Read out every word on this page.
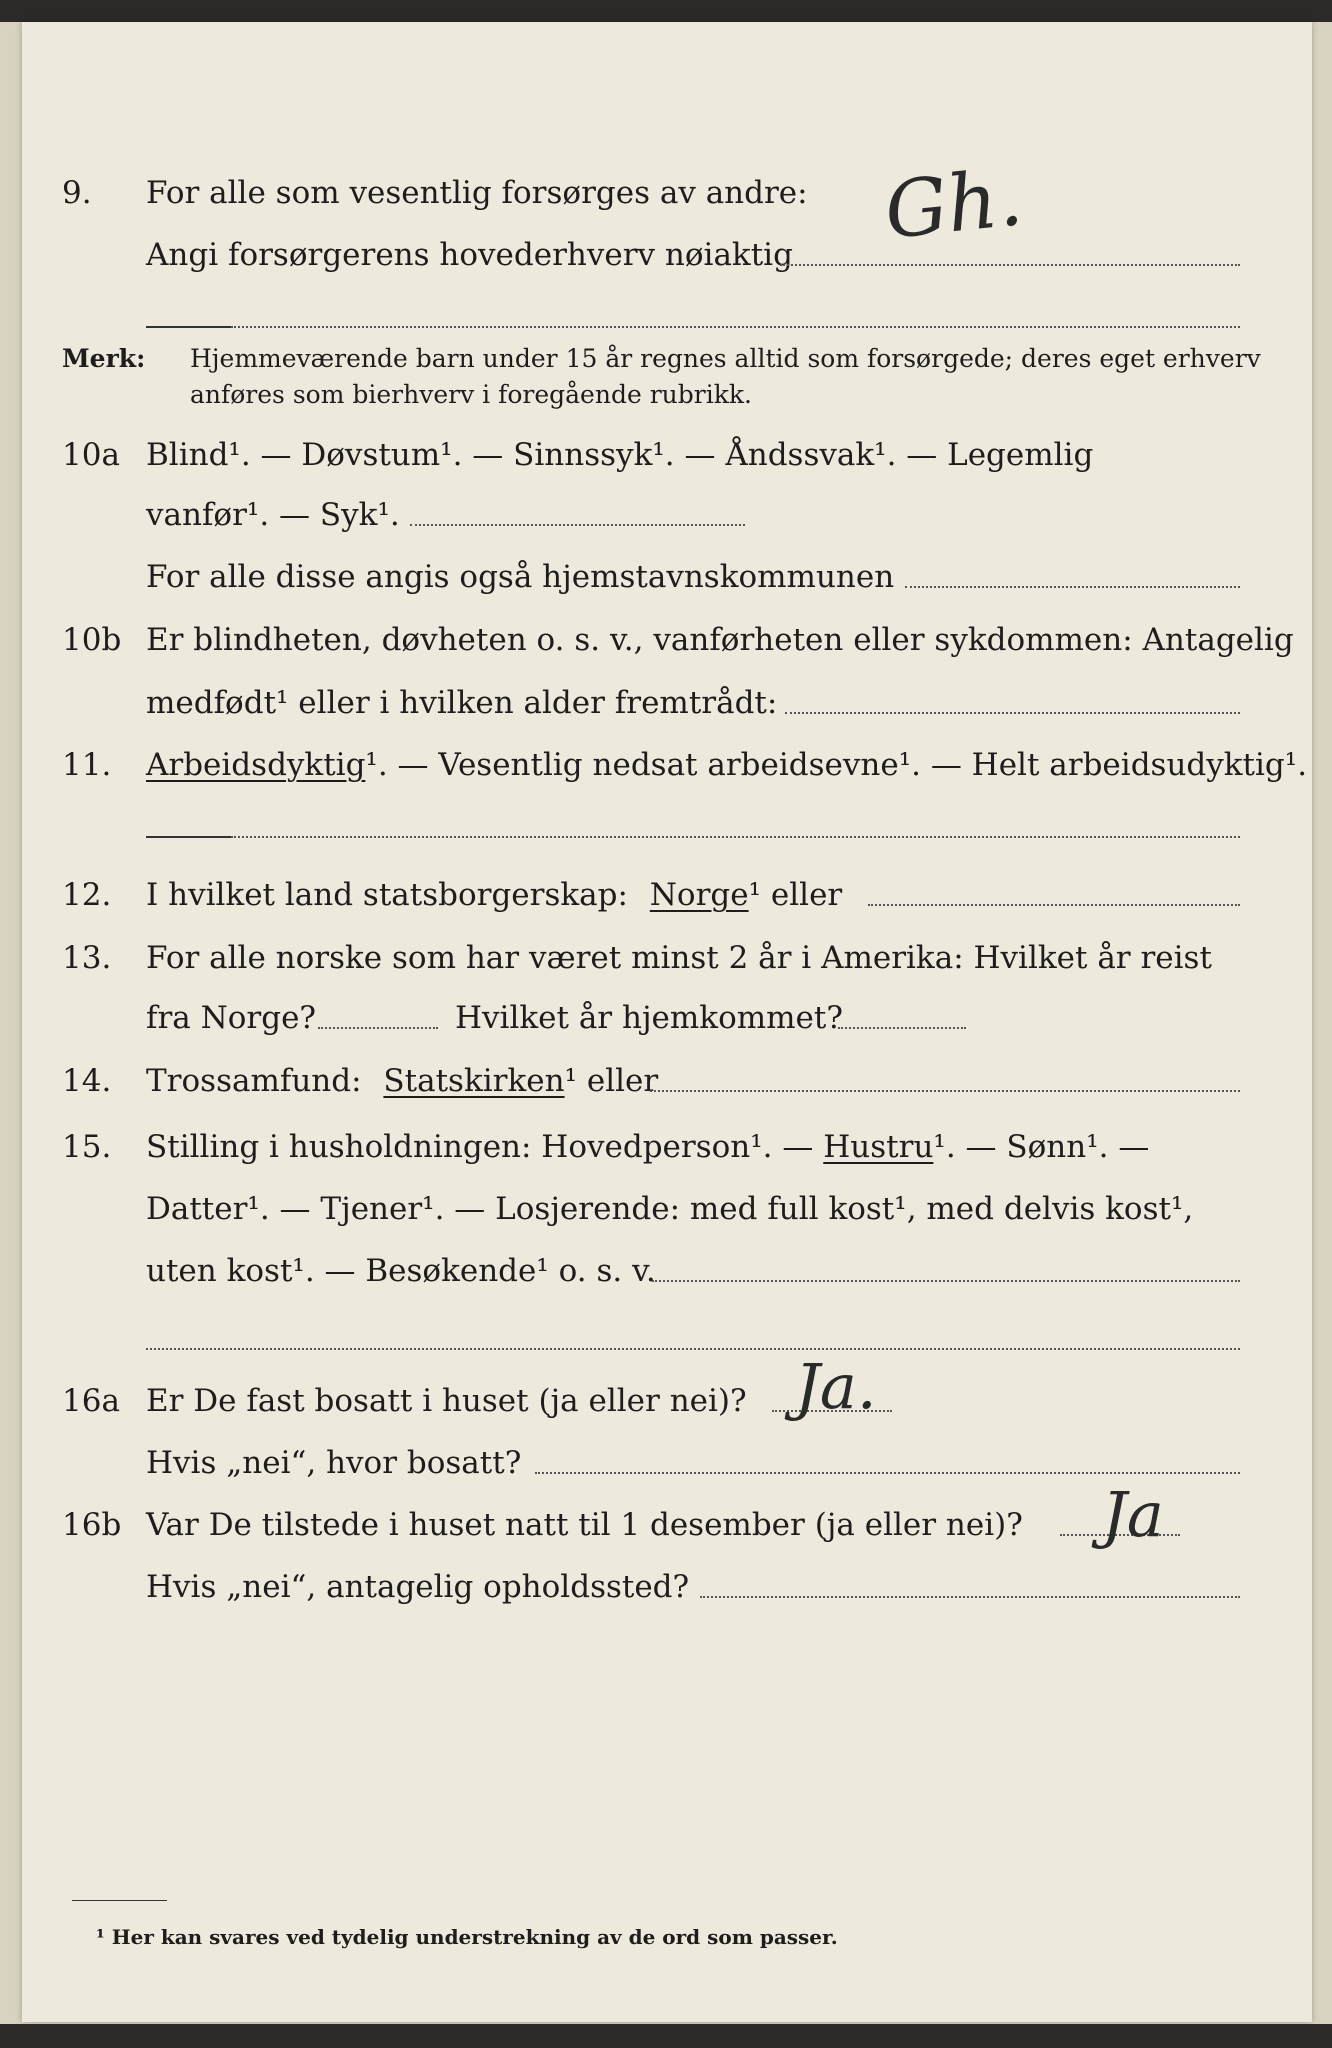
9. For alle som vesentlig forsørges av andre:
Angi forsørgerens hovederhverv nøiaktig Gh.
Merk: Hjemmeværende barn under 15 år regnes alltid som forsørgede; deres eget erhverv
anføres som bierhverv i foregående rubrikk.
10a Blind¹. — Døvstum¹. — Sinnssyk¹. — Åndssvak¹. — Legemlig
vanfør¹. — Syk¹.
For alle disse angis også hjemstavnskommunen
10b Er blindheten, døvheten o. s. v., vanførheten eller sykdommen: Antagelig
medfødt¹ eller i hvilken alder fremtrådt:
11. Arbeidsdyktig¹. — Vesentlig nedsat arbeidsevne¹. — Helt arbeidsudyktig¹.
12. I hvilket land statsborgerskap: Norge¹ eller
13. For alle norske som har været minst 2 år i Amerika: Hvilket år reist
fra Norge?	Hvilket år hjemkommet?
14. Trossamfund: Statskirken¹ eller
15. Stilling i husholdningen: Hovedperson¹. — Hustru¹. — Sønn¹. —
Datter¹. — Tjener¹. — Losjerende: med full kost¹, med delvis kost¹,
uten kost¹. — Besøkende¹ o. s. v.
16a Er De fast bosatt i huset (ja eller nei)? Ja.
Hvis „nei“, hvor bosatt?
16b Var De tilstede i huset natt til 1 desember (ja eller nei)? Ja
Hvis „nei“, antagelig opholdssted?
¹ Her kan svares ved tydelig understrekning av de ord som passer.
